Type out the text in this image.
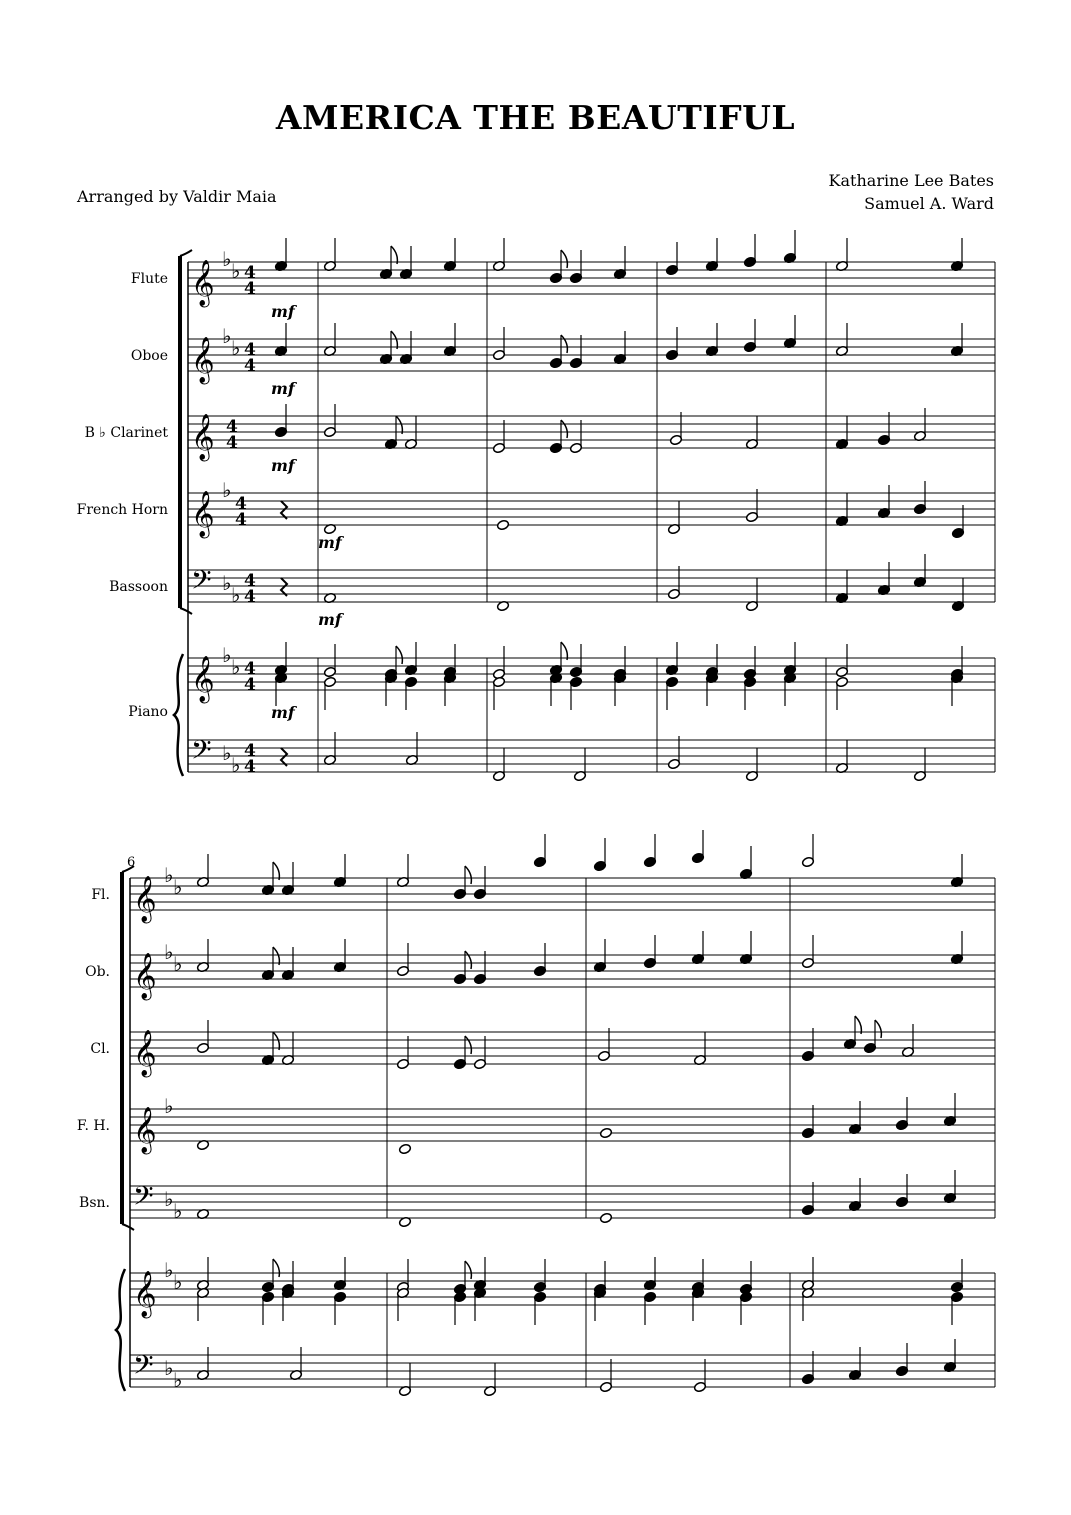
AMERICA THE BEAUTIFUL
Arranged by Valdir Maia
Katharine Lee Bates
Samuel A. Ward
Flute
Oboe
B ♭ Clarinet
French Horn
Bassoon
Piano
Fl.
Ob.
Cl.
F. H.
Bsn.
𝄞
♭ ♭ 4
4
𝄞
♭ ♭ 4
4
𝄞 4
4
𝄞
♭
4
4
𝄢 ♭ ♭
4
4
𝄞
♭ ♭ 4
4
𝄢 ♭ ♭
4
4
𝄞
♭ ♭
𝄞
♭ ♭
𝄞
𝄞
♭
𝄢 ♭ ♭
𝄞
♭ ♭
𝄢 ♭ ♭
mf
mf
mf
mf
mf
mf
6
